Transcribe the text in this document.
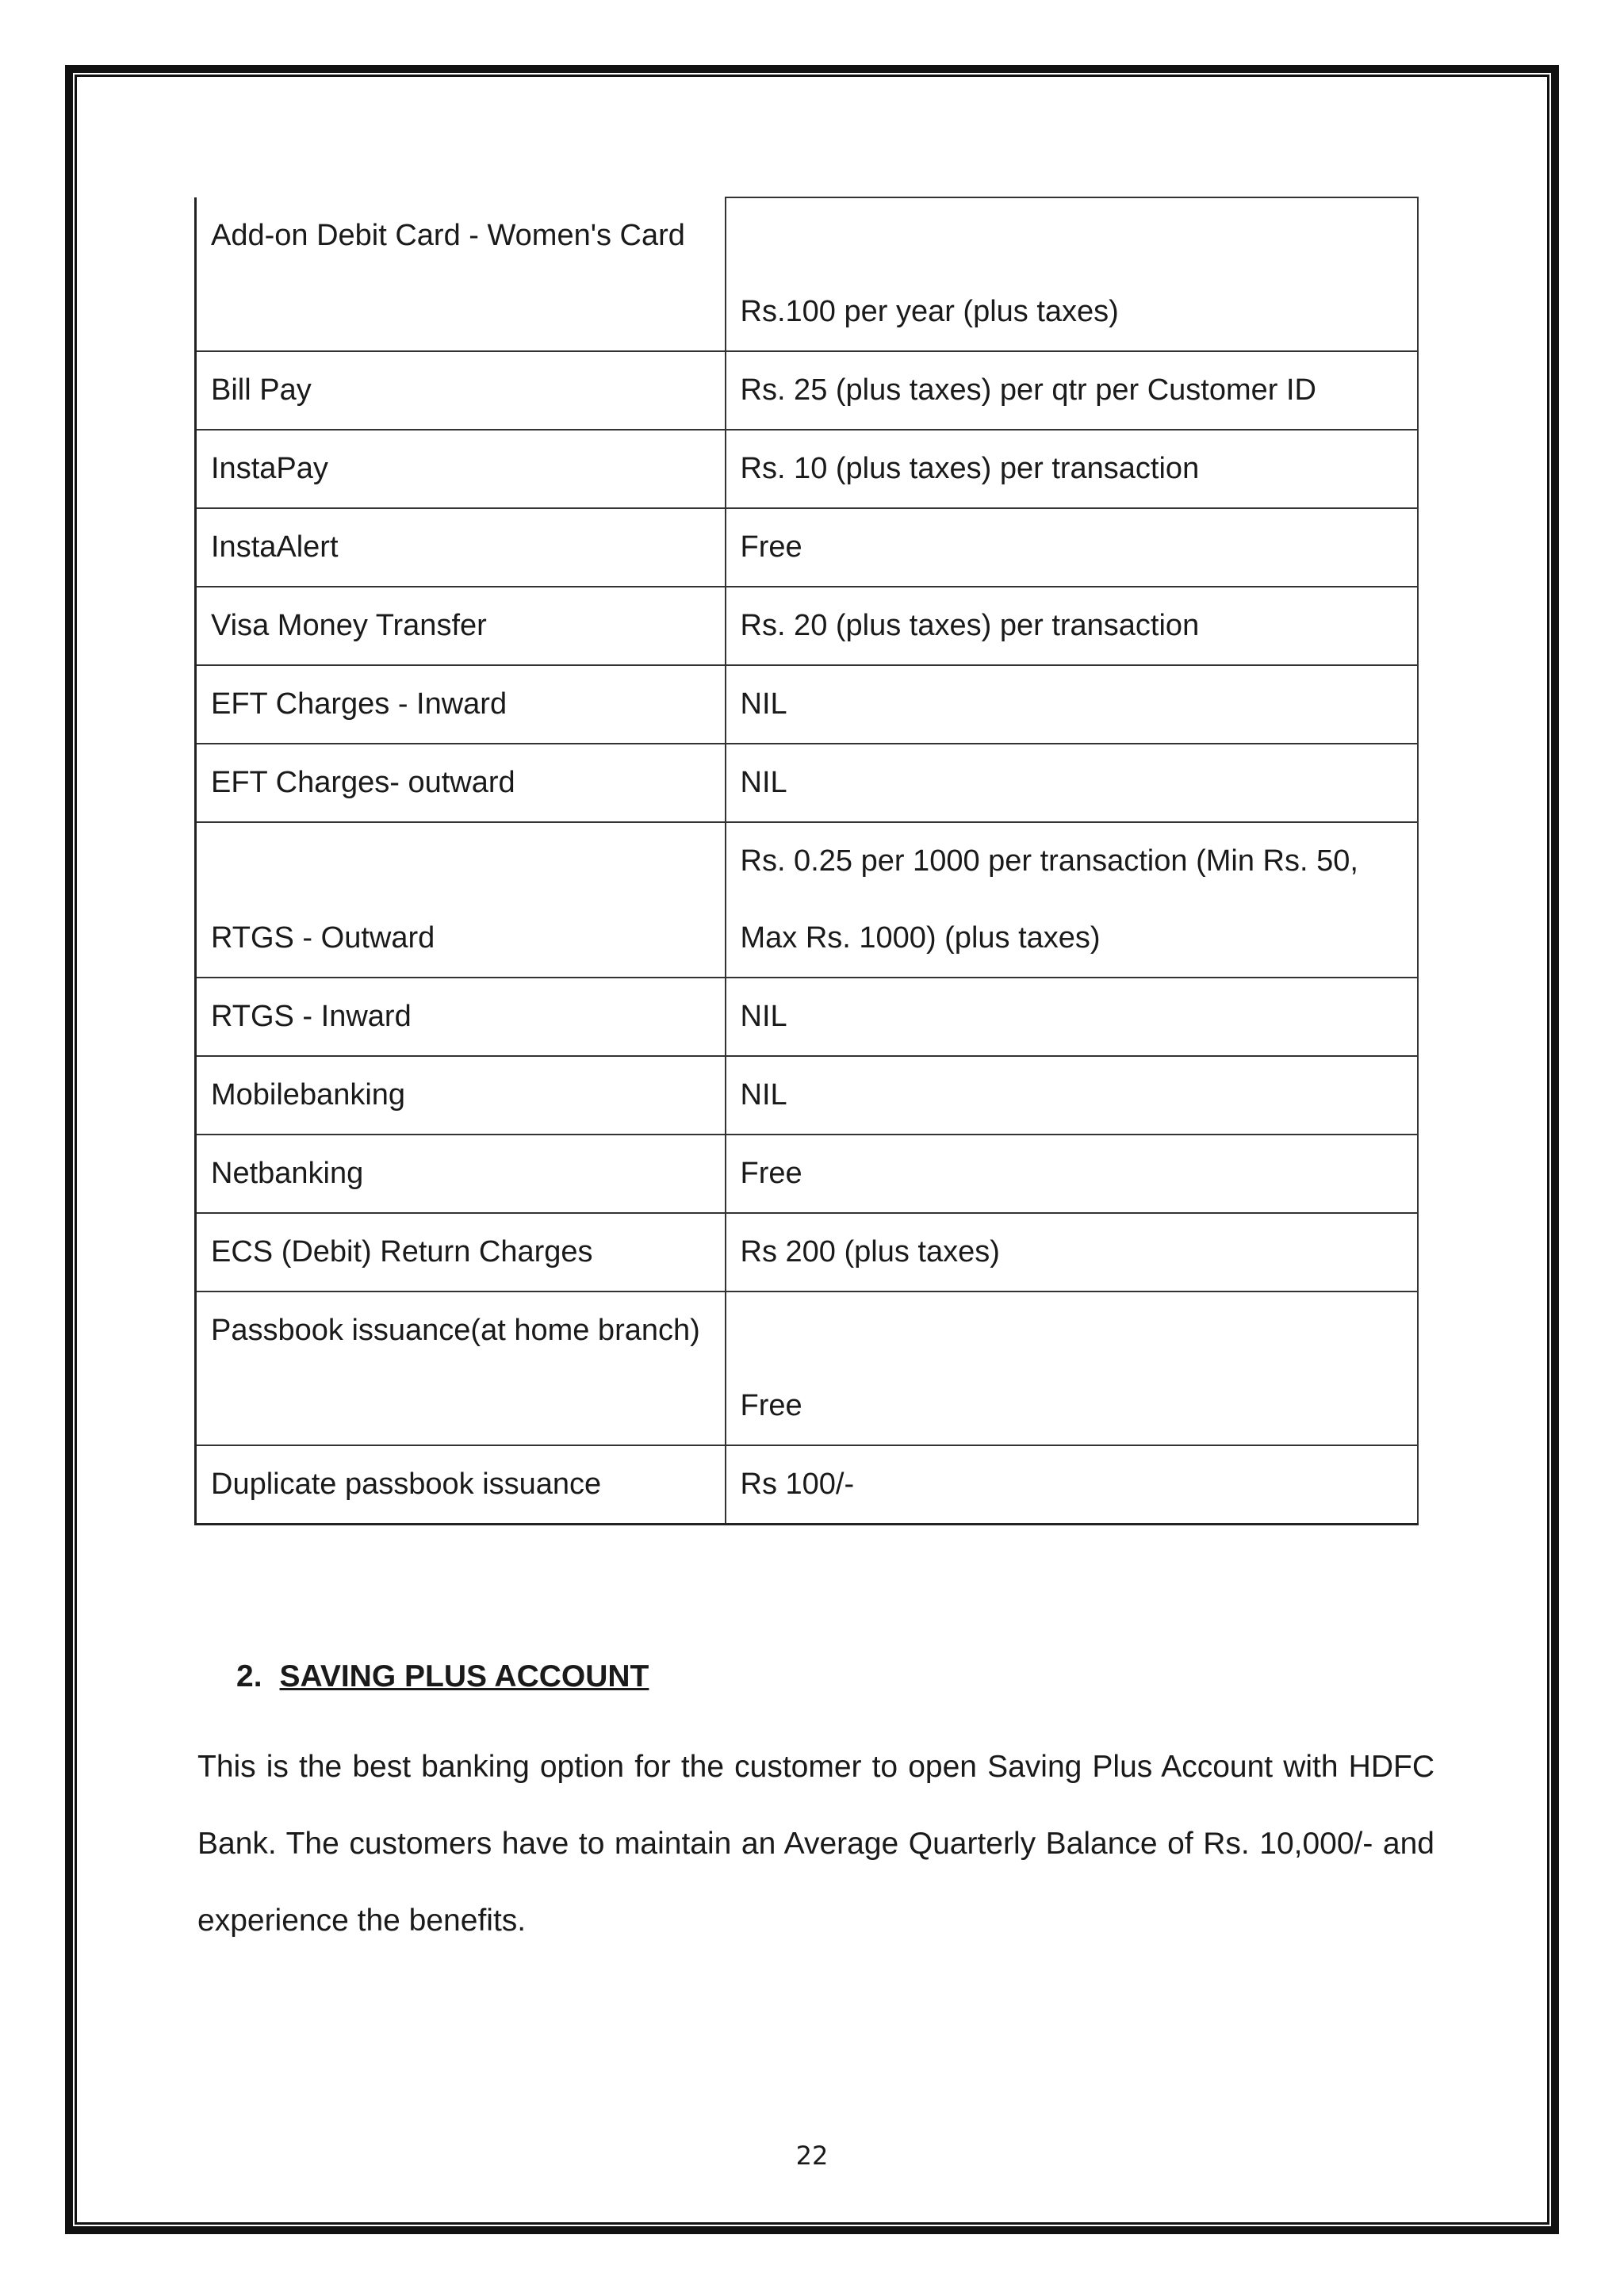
Add-on Debit Card - Women's Card	Rs.100 per year (plus taxes)
Bill Pay	Rs. 25 (plus taxes) per qtr per Customer ID
InstaPay	Rs. 10 (plus taxes) per transaction
InstaAlert	Free
Visa Money Transfer	Rs. 20 (plus taxes) per transaction
EFT Charges - Inward	NIL
EFT Charges- outward	NIL
RTGS - Outward	Rs. 0.25 per 1000 per transaction (Min Rs. 50, Max Rs. 1000) (plus taxes)
RTGS - Inward	NIL
Mobilebanking	NIL
Netbanking	Free
ECS (Debit) Return Charges	Rs 200 (plus taxes)
Passbook issuance(at home branch)	Free
Duplicate passbook issuance	Rs 100/-
2. SAVING PLUS ACCOUNT

This is the best banking option for the customer to open Saving Plus Account with HDFC Bank. The customers have to maintain an Average Quarterly Balance of Rs. 10,000/- and experience the benefits.

22
